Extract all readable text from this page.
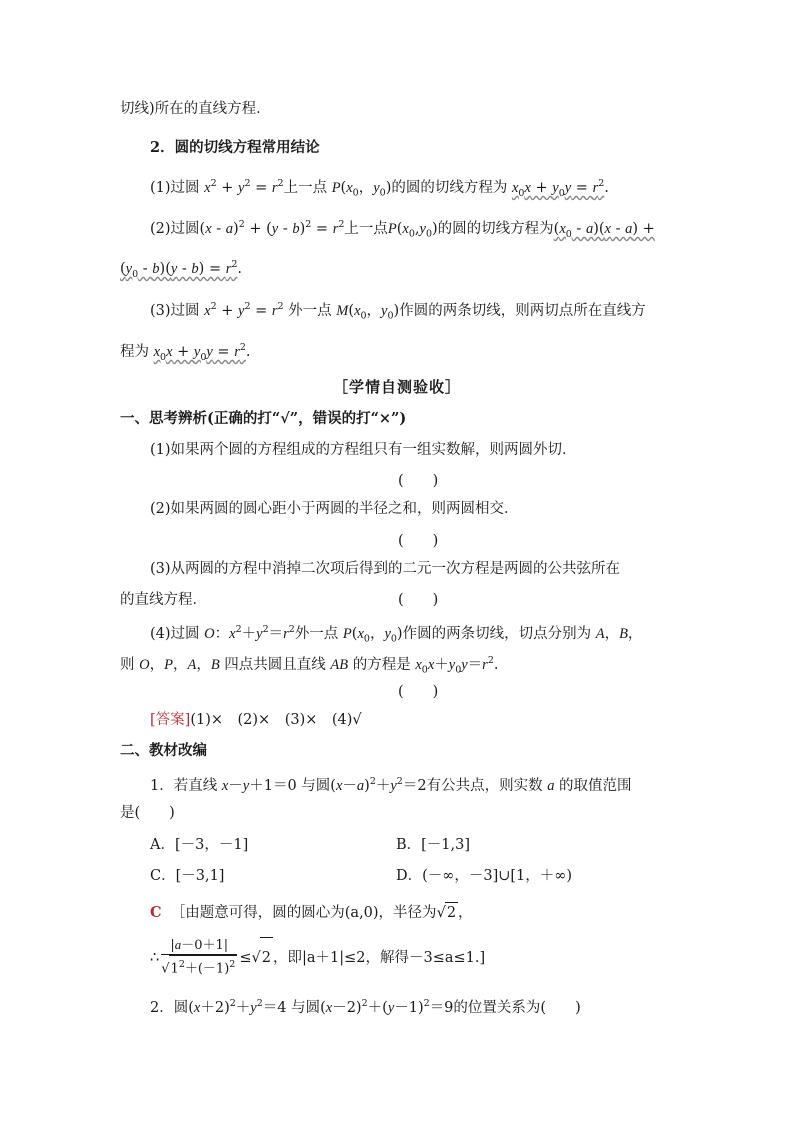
切线)所在的直线方程．
2．圆的切线方程常用结论
(1)过圆 $x^2 + y^2 = r^2$上一点 $P(x_0$，$y_0$)的圆的切线方程为 $x_0x + y_0y = r^2$.
(2)过圆$(x - a)^2 + (y - b)^2 = r^2$上一点$P(x_0,y_0)$的圆的切线方程为$(x_0 - a)(x - a)$ +
$(y_0 - b)(y - b) = r^2$.
(3)过圆 $x^2 + y^2 = r^2$ 外一点 $M(x_0$，$y_0$)作圆的两条切线，则两切点所在直线方
程为 $x_0x + y_0y = r^2$.
［学情自测验收］
一、思考辨析(正确的打“√”，错误的打“×”)
(1)如果两个圆的方程组成的方程组只有一组实数解，则两圆外切．
(　　)
(2)如果两圆的圆心距小于两圆的半径之和，则两圆相交．
(　　)
(3)从两圆的方程中消掉二次项后得到的二元一次方程是两圆的公共弦所在
的直线方程．	(　　)
(4)过圆 O：$x^2+y^2=r^2$外一点 $P(x_0$，$y_0$)作圆的两条切线，切点分别为 A，B，
则 O，P，A，B 四点共圆且直线 AB 的方程是 $x_0x+y_0y=r^2$.
(　　)
[答案](1)×　(2)×　(3)×　(4)√
二、教材改编
1．若直线 x－y＋1＝0 与圆$(x-a)^2+y^2=2$有公共点，则实数 a 的取值范围
是(　　)
A．[－3，－1]	B．[－1,3]
C．[－3,1]	D．(－∞，－3]∪[1，＋∞)
C ［由题意可得，圆的圆心为(a,0)，半径为√2 ，
∴ $\frac{|a-0+1|}{√1^2+(-1)^2} \le√2$ ，即|a＋1|≤2，解得－3≤a≤1.]
2．圆$(x+2)^2+y^2=4$ 与圆$(x-2)^2+(y-1)^2=9$的位置关系为(　　)
